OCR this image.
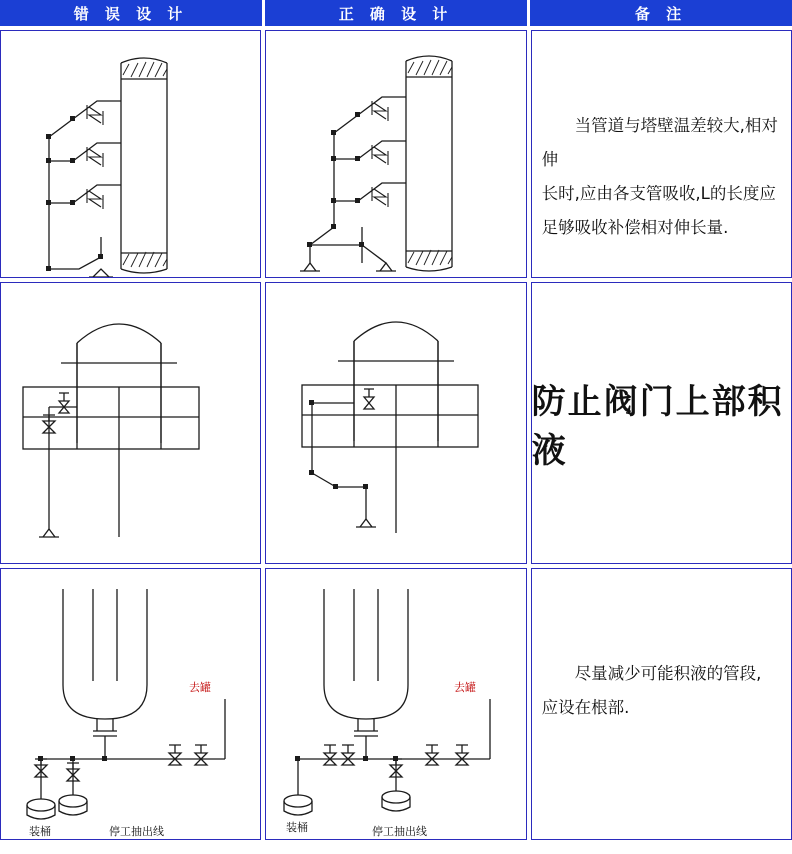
错 误 设 计	正 确 设 计	备 注

当管道与塔壁温差较大,相对伸

长时,应由各支管吸收,L的长度应

足够吸收补偿相对伸长量.

防止阀门上部积液
去罐
装桶	停工抽出线
去罐
装桶	停工抽出线

尽量减少可能积液的管段,

应设在根部.
